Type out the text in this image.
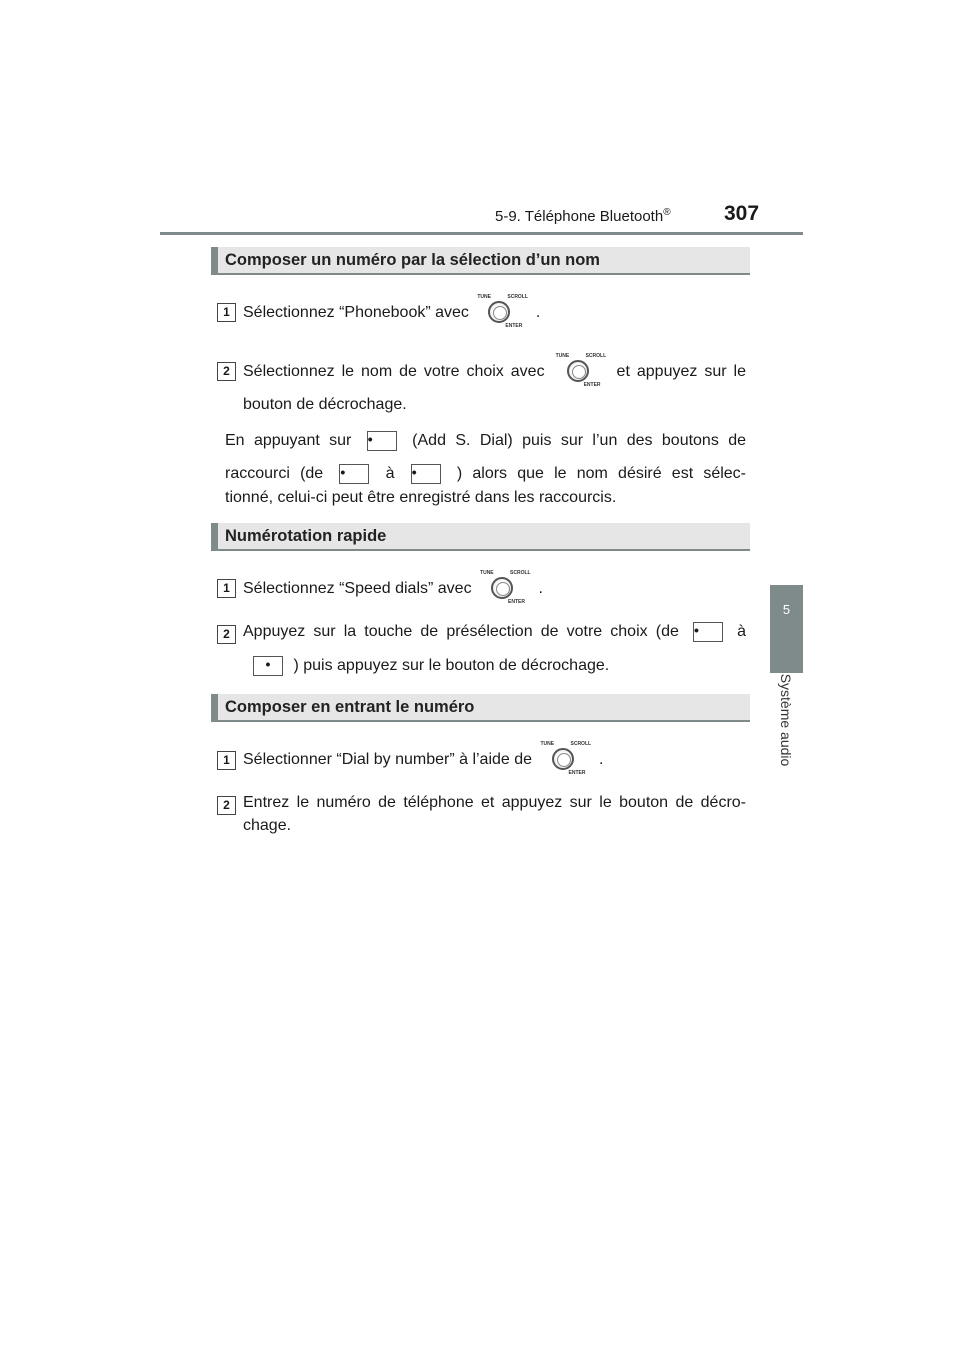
5-9. Téléphone Bluetooth®	307
5
Système audio
Composer un numéro par la sélection d’un nom
1 Sélectionnez “Phonebook” avec
TUNE	SCROLL
ENTER
.
2 Sélectionnez le nom de votre choix avec
TUNE	SCROLL
ENTER
et appuyez sur le
bouton de décrochage.
En appuyant sur • (Add S. Dial) puis sur l’un des boutons de
raccourci (de •	à •	) alors que le nom désiré est sélec-
tionné, celui-ci peut être enregistré dans les raccourcis.
Numérotation rapide
1 Sélectionnez “Speed dials” avec
TUNE	SCROLL
ENTER
.
2 Appuyez sur la touche de présélection de votre choix (de • à
• ) puis appuyez sur le bouton de décrochage.
Composer en entrant le numéro
1 Sélectionner “Dial by number” à l’aide de
TUNE	SCROLL
ENTER
.
2 Entrez le numéro de téléphone et appuyez sur le bouton de décro-
chage.
